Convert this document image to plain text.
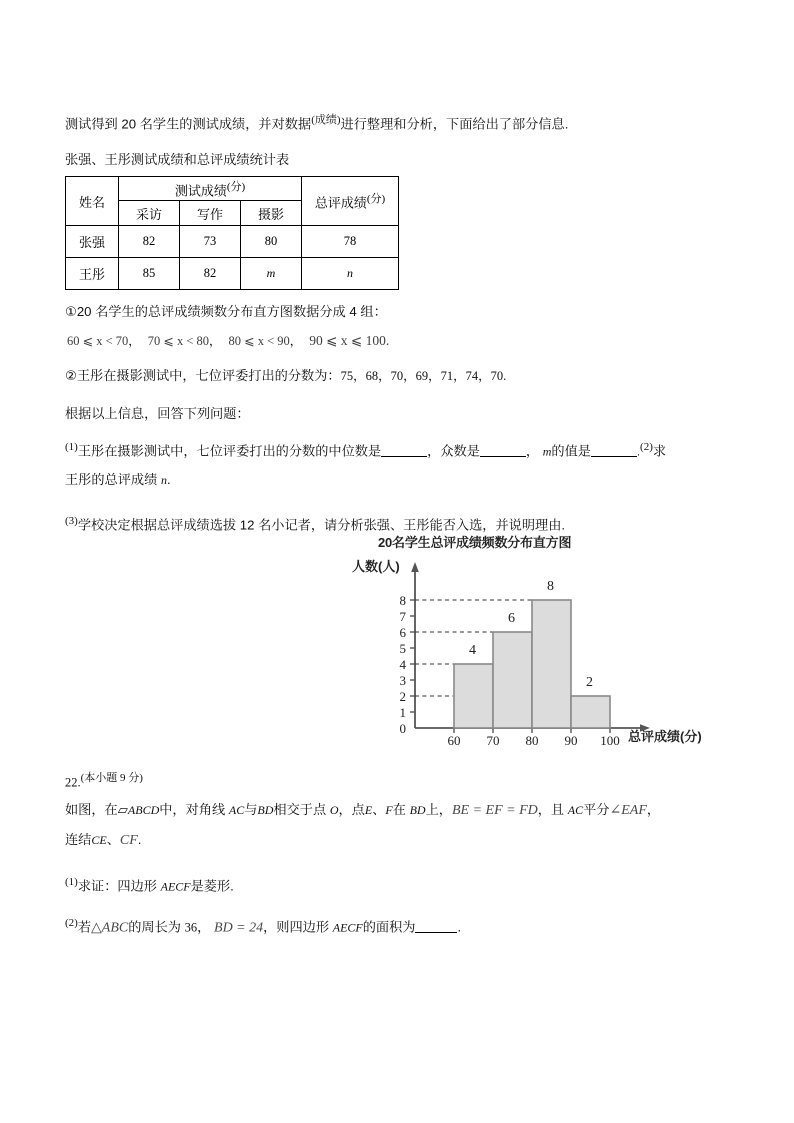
测试得到 20 名学生的测试成绩，并对数据$^{(成绩)}$进行整理和分析，下面给出了部分信息.
张强、王彤测试成绩和总评成绩统计表
姓名	测试成绩$^{(分)}$			总评成绩$^{(分)}$
	采访	写作	摄影	
张强	82	73	80	78
王彤	85	82	m	n
①20 名学生的总评成绩频数分布直方图数据分成 4 组：
60 ⩽ x < 70， 70 ⩽ x < 80， 80 ⩽ x < 90， 90 ⩽ x ⩽ 100.
②王彤在摄影测试中，七位评委打出的分数为：75，68，70，69，71，74，70.
根据以上信息，回答下列问题：
$^{(1)}$王彤在摄影测试中，七位评委打出的分数的中位数是	，众数是	， m的值是	.$^{(2)}$求
王彤的总评成绩 n.
$^{(3)}$学校决定根据总评成绩选拔 12 名小记者，请分析张强、王彤能否入选，并说明理由.
20名学生总评成绩频数分布直方图
人数(人)
总评成绩(分)
0
1
2
3
4
5
6
7
8
60	70	80	90	100
4
6
8
2
22.$^{(本小题 9 分)}$
如图，在▱ABCD中，对角线 AC与BD相交于点 O，点E、F在 BD上，BE = EF = FD，且 AC平分∠EAF，
连结CE、CF.
$^{(1)}$求证：四边形 AECF是菱形.
$^{(2)}$若△ABC的周长为 36， BD = 24，则四边形 AECF的面积为	.
